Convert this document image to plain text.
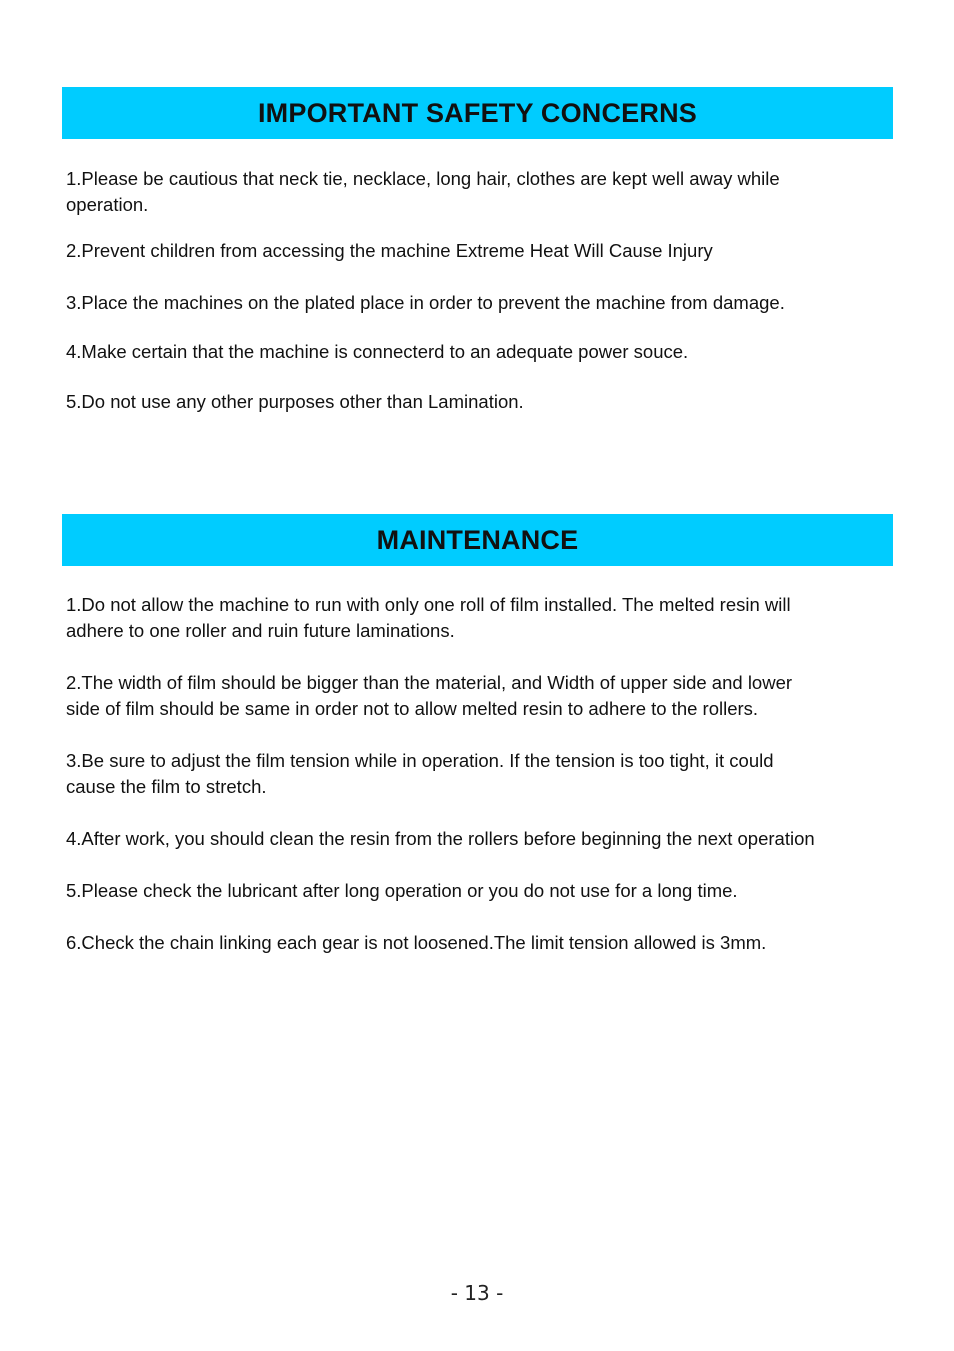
IMPORTANT SAFETY CONCERNS
1.Please be cautious that neck tie, necklace, long hair, clothes are kept well away while
operation.
2.Prevent children from accessing the machine Extreme Heat Will Cause Injury
3.Place the machines on the plated place in order to prevent the machine from damage.
4.Make certain that the machine is connecterd to an adequate power souce.
5.Do not use any other purposes other than Lamination.
MAINTENANCE
1.Do not allow the machine to run with only one roll of film installed. The melted resin will
adhere to one roller and ruin future laminations.
2.The width of film should be bigger than the material, and Width of upper side and lower
side of film should be same in order not to allow melted resin to adhere to the rollers.
3.Be sure to adjust the film tension while in operation. If the tension is too tight, it could
cause the film to stretch.
4.After work, you should clean the resin from the rollers before beginning the next operation
5.Please check the lubricant after long operation or you do not use for a long time.
6.Check the chain linking each gear is not loosened.The limit tension allowed is 3mm.
- 13 -
